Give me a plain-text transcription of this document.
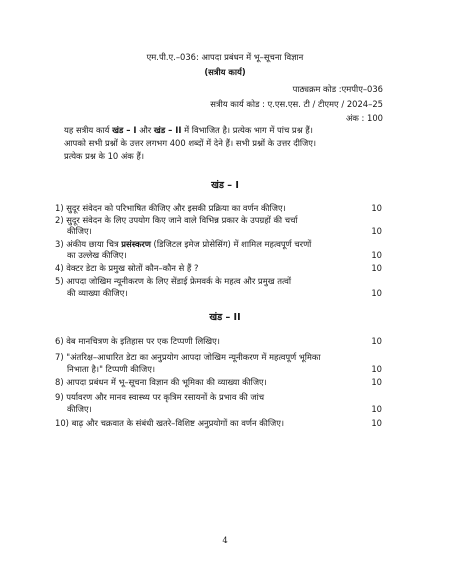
एम.पी.ए.–036: आपदा प्रबंधन में भू–सूचना विज्ञान
(सत्रीय कार्य)
पाठ्यक्रम कोड :एमपीए–036
सत्रीय कार्य कोड : ए.एस.एस. टी / टीएमए / 2024–25
अंक : 100
यह सत्रीय कार्य खंड – I और खंड – II में विभाजित है। प्रत्येक भाग में पांच प्रश्न हैं।
आपको सभी प्रश्नों के उत्तर लगभग 400 शब्दों में देने हैं। सभी प्रश्नों के उत्तर दीजिए।
प्रत्येक प्रश्न के 10 अंक हैं।
खंड – I
1) सुदूर संवेदन को परिभाषित कीजिए और इसकी प्रक्रिया का वर्णन कीजिए।	10
2) सुदूर संवेदन के लिए उपयोग किए जाने वाले विभिन्न प्रकार के उपग्रहों की चर्चा
कीजिए।	10
3) अंकीय छाया चित्र प्रसंस्करण (डिजिटल इमेज प्रोसेसिंग) में शामिल महत्वपूर्ण चरणों
का उल्लेख कीजिए।	10
4) वेक्टर डेटा के प्रमुख स्रोतों कौन–कौन से हैं ?	10
5) आपदा जोखिम न्यूनीकरण के लिए सेंडाई फ्रेमवर्क के महत्व और प्रमुख तत्वों
की व्याख्या कीजिए।	10
खंड – II
6) वेब मानचित्रण के इतिहास पर एक टिप्पणी लिखिए।	10
7) "अंतरिक्ष–आधारित डेटा का अनुप्रयोग आपदा जोखिम न्यूनीकरण में महत्वपूर्ण भूमिका
निभाता है।" टिप्पणी कीजिए।	10
8) आपदा प्रबंधन में भू–सूचना विज्ञान की भूमिका की व्याख्या कीजिए।	10
9) पर्यावरण और मानव स्वास्थ्य पर कृत्रिम रसायनों के प्रभाव की जांच
कीजिए।	10
10) बाढ़ और चक्रवात के संबंधी खतरे–विशिष्ट अनुप्रयोगों का वर्णन कीजिए।	10
4
